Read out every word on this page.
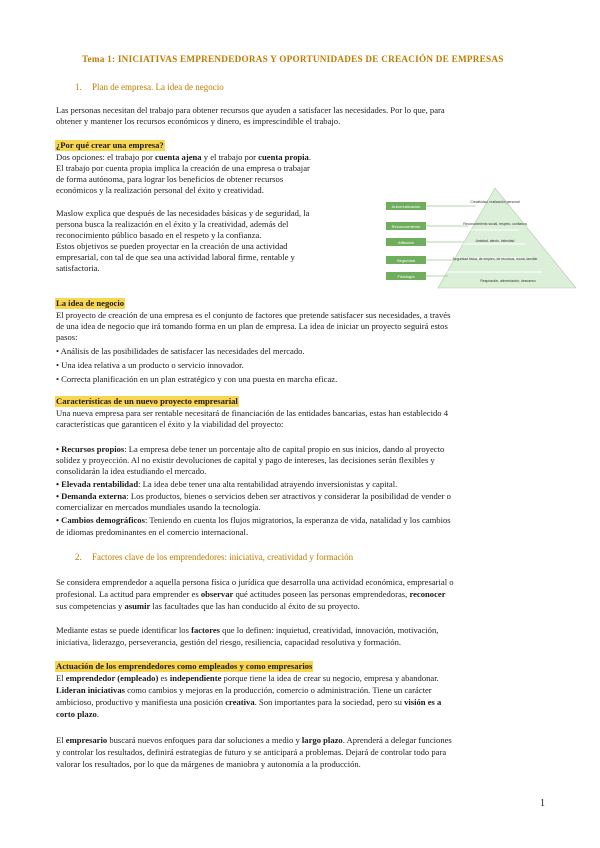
Tema 1: INICIATIVAS EMPRENDEDORAS Y OPORTUNIDADES DE CREACIÓN DE EMPRESAS
1. Plan de empresa. La idea de negocio
Las personas necesitan del trabajo para obtener recursos que ayuden a satisfacer las necesidades. Por lo que, para
obtener y mantener los recursos económicos y dinero, es imprescindible el trabajo.
¿Por qué crear una empresa?
Dos opciones: el trabajo por cuenta ajena y el trabajo por cuenta propia.
El trabajo por cuenta propia implica la creación de una empresa o trabajar
de forma autónoma, para lograr los beneficios de obtener recursos
económicos y la realización personal del éxito y creatividad.
Maslow explica que después de las necesidades básicas y de seguridad, la
persona busca la realización en el éxito y la creatividad, además del
reconocimiento público basado en el respeto y la confianza.
Estos objetivos se pueden proyectar en la creación de una actividad
empresarial, con tal de que sea una actividad laboral firme, rentable y
satisfactoria.
Autorrealización
Reconocimiento
Afiliación
Seguridad
Fisiología
Creatividad, realización personal
Reconocimiento social, respeto, confianza
Amistad, afecto, intimidad
Seguridad física, de empleo, de recursos, moral, familiar
Respiración, alimentación, descanso
La idea de negocio
El proyecto de creación de una empresa es el conjunto de factores que pretende satisfacer sus necesidades, a través
de una idea de negocio que irá tomando forma en un plan de empresa. La idea de iniciar un proyecto seguirá estos
pasos:
• Análisis de las posibilidades de satisfacer las necesidades del mercado.
• Una idea relativa a un producto o servicio innovador.
• Correcta planificación en un plan estratégico y con una puesta en marcha eficaz.
Características de un nuevo proyecto empresarial
Una nueva empresa para ser rentable necesitará de financiación de las entidades bancarias, estas han establecido 4
características que garanticen el éxito y la viabilidad del proyecto:
• Recursos propios: La empresa debe tener un porcentaje alto de capital propio en sus inicios, dando al proyecto
solidez y proyección. Al no existir devoluciones de capital y pago de intereses, las decisiones serán flexibles y
consolidarán la idea estudiando el mercado.
• Elevada rentabilidad: La idea debe tener una alta rentabilidad atrayendo inversionistas y capital.
• Demanda externa: Los productos, bienes o servicios deben ser atractivos y considerar la posibilidad de vender o
comercializar en mercados mundiales usando la tecnología.
• Cambios demográficos: Teniendo en cuenta los flujos migratorios, la esperanza de vida, natalidad y los cambios
de idiomas predominantes en el comercio internacional.
2. Factores clave de los emprendedores: iniciativa, creatividad y formación
Se considera emprendedor a aquella persona física o jurídica que desarrolla una actividad económica, empresarial o
profesional. La actitud para emprender es observar qué actitudes poseen las personas emprendedoras, reconocer
sus competencias y asumir las facultades que las han conducido al éxito de su proyecto.
Mediante estas se puede identificar los factores que lo definen: inquietud, creatividad, innovación, motivación,
iniciativa, liderazgo, perseverancia, gestión del riesgo, resiliencia, capacidad resolutiva y formación.
Actuación de los emprendedores como empleados y como empresarios
El emprendedor (empleado) es independiente porque tiene la idea de crear su negocio, empresa y abandonar.
Lideran iniciativas como cambios y mejoras en la producción, comercio o administración. Tiene un carácter
ambicioso, productivo y manifiesta una posición creativa. Son importantes para la sociedad, pero su visión es a
corto plazo.
El empresario buscará nuevos enfoques para dar soluciones a medio y largo plazo. Aprenderá a delegar funciones
y controlar los resultados, definirá estrategias de futuro y se anticipará a problemas. Dejará de controlar todo para
valorar los resultados, por lo que da márgenes de maniobra y autonomía a la producción.
1
